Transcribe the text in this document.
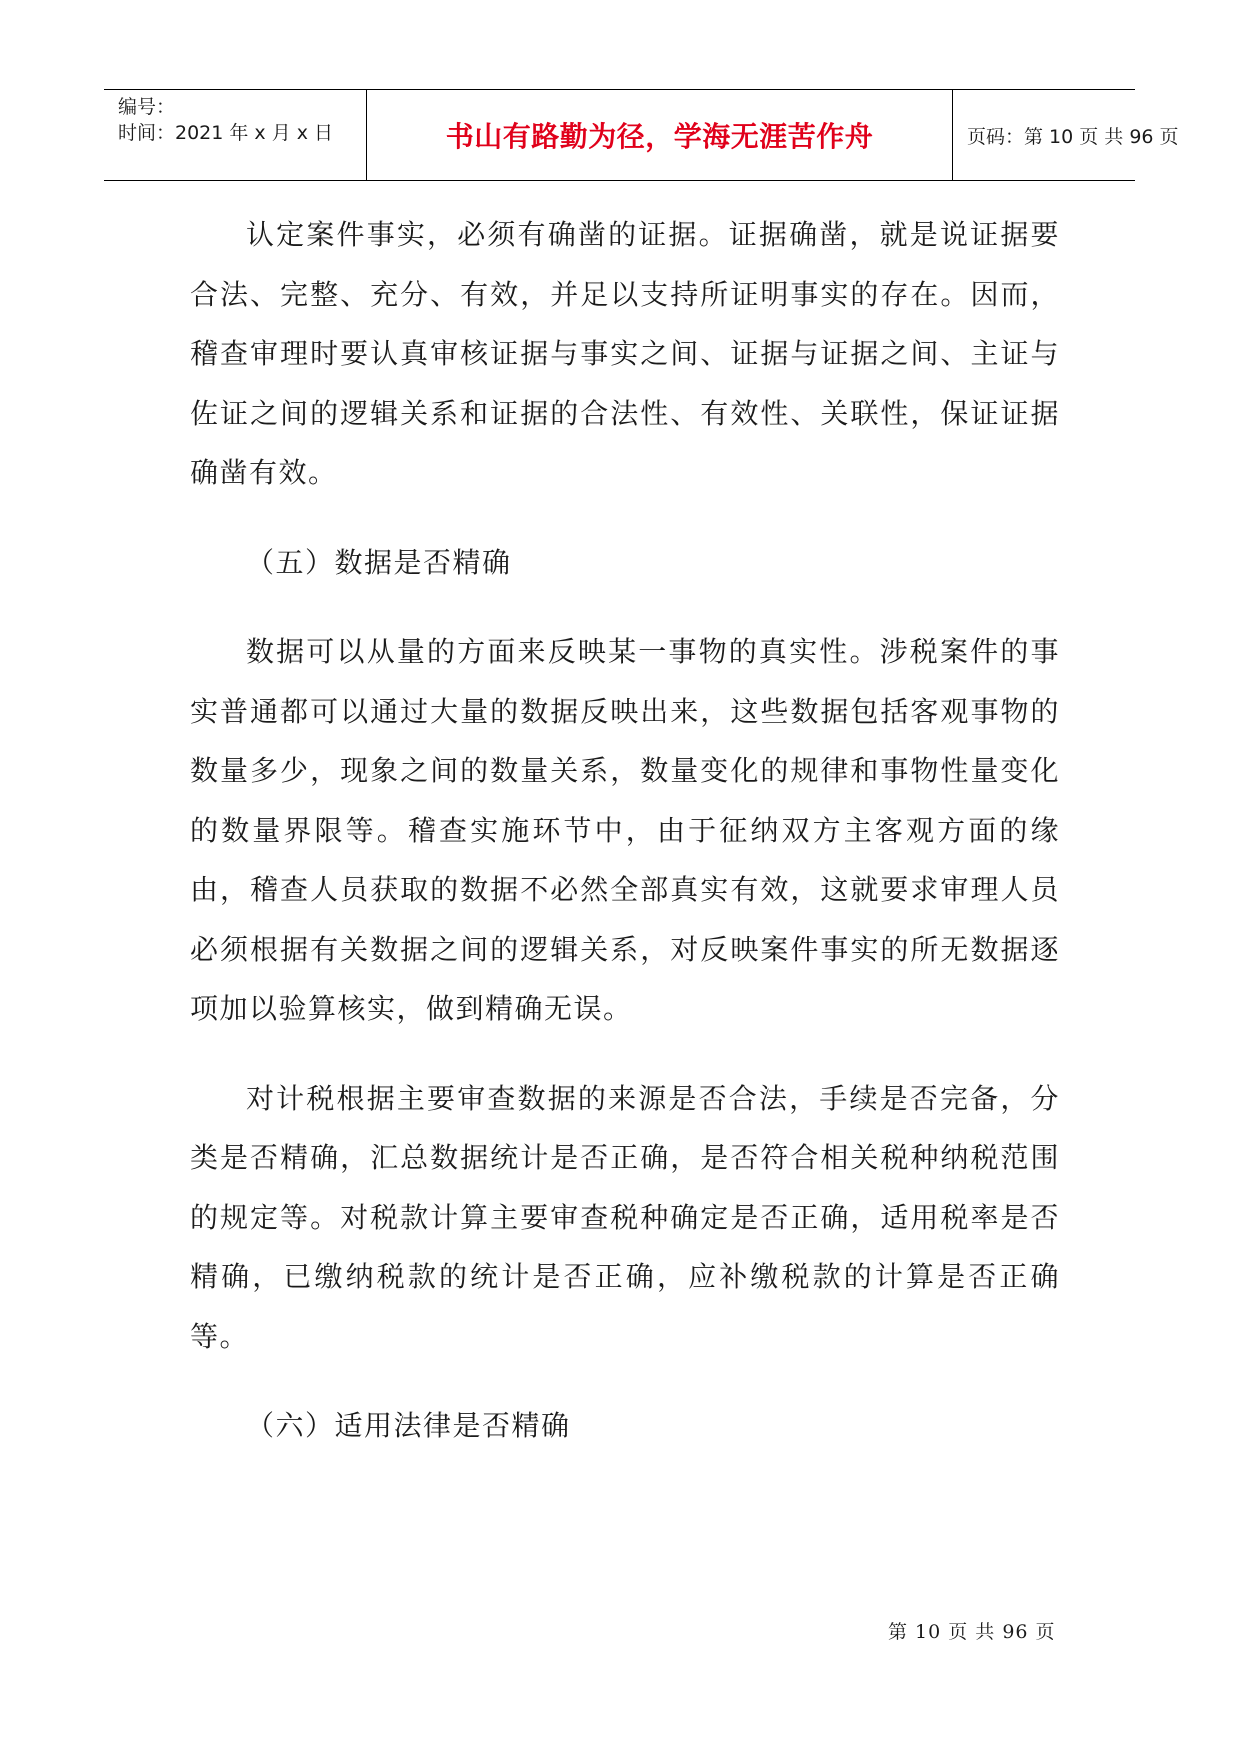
编号：
时间：2021 年 x 月 x 日	书山有路勤为径，学海无涯苦作舟	页码：第 10 页 共 96 页

认定案件事实，必须有确凿的证据。证据确凿，就是说证据要合法、完整、充分、有效，并足以支持所证明事实的存在。因而，稽查审理时要认真审核证据与事实之间、证据与证据之间、主证与佐证之间的逻辑关系和证据的合法性、有效性、关联性，保证证据确凿有效。

（五）数据是否精确

数据可以从量的方面来反映某一事物的真实性。涉税案件的事实普通都可以通过大量的数据反映出来，这些数据包括客观事物的数量多少，现象之间的数量关系，数量变化的规律和事物性量变化的数量界限等。稽查实施环节中，由于征纳双方主客观方面的缘由，稽查人员获取的数据不必然全部真实有效，这就要求审理人员必须根据有关数据之间的逻辑关系，对反映案件事实的所无数据逐项加以验算核实，做到精确无误。

对计税根据主要审查数据的来源是否合法，手续是否完备，分类是否精确，汇总数据统计是否正确，是否符合相关税种纳税范围的规定等。对税款计算主要审查税种确定是否正确，适用税率是否精确，已缴纳税款的统计是否正确，应补缴税款的计算是否正确等。

（六）适用法律是否精确

第 10 页 共 96 页
